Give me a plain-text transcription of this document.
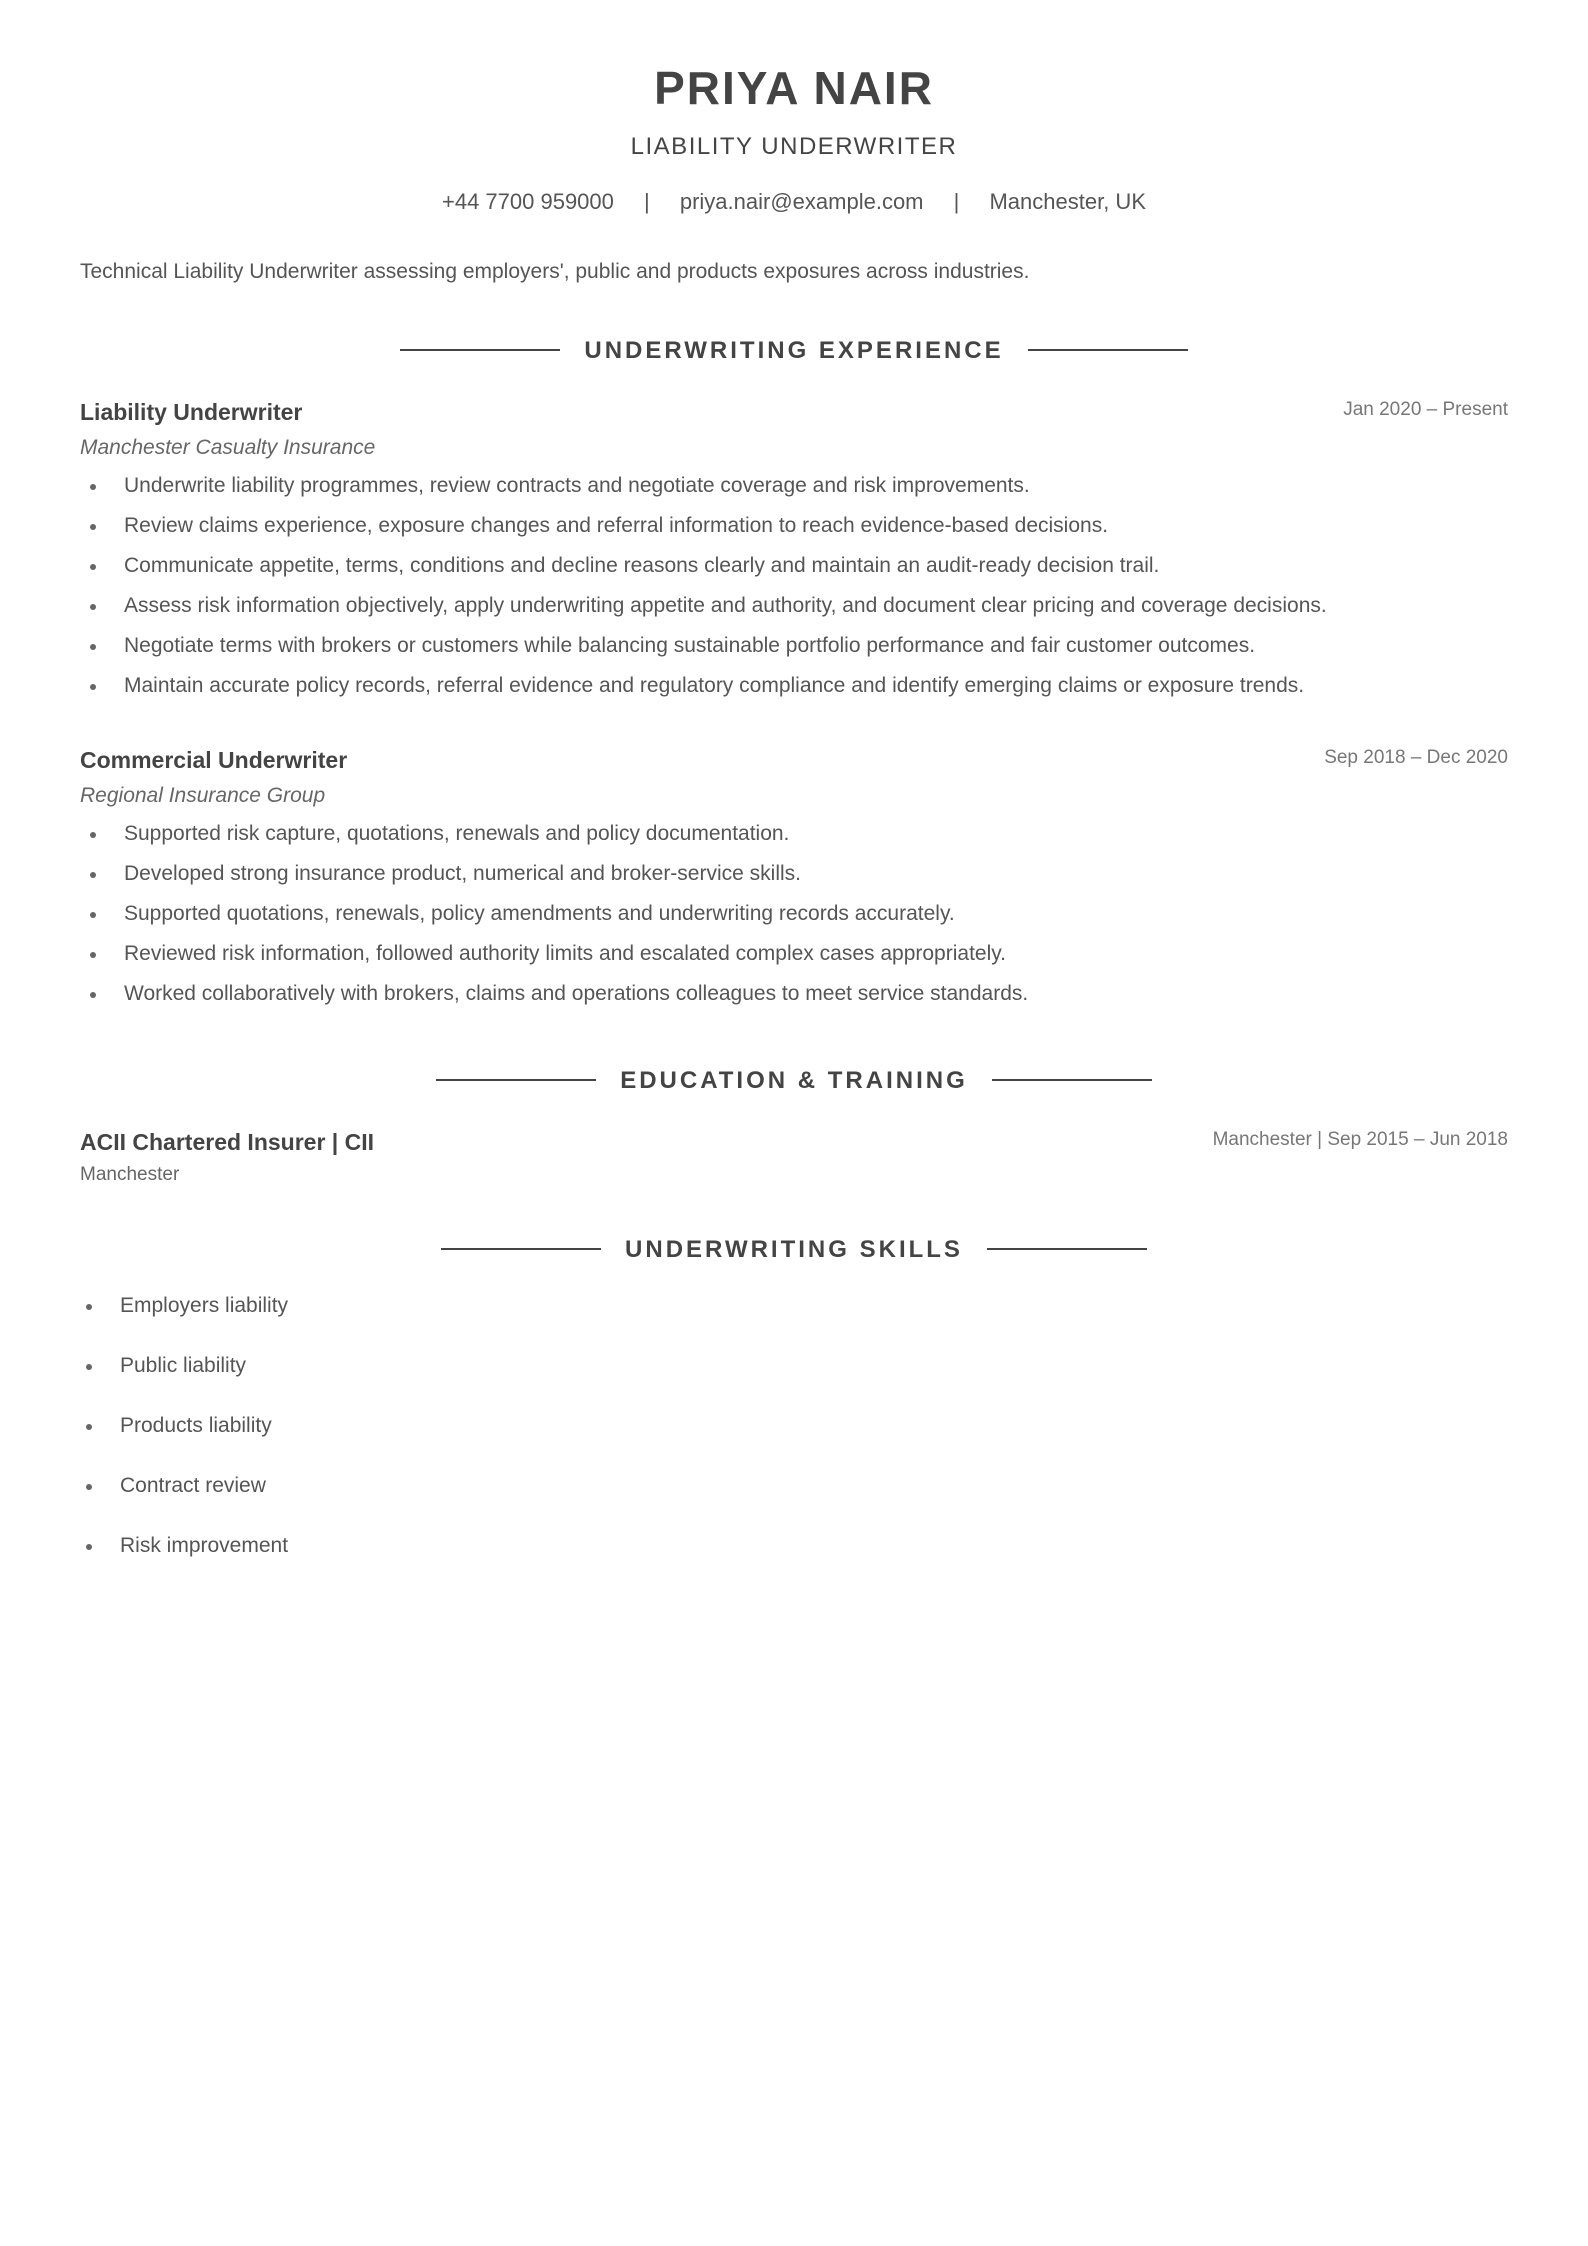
PRIYA NAIR
LIABILITY UNDERWRITER
+44 7700 959000 | priya.nair@example.com | Manchester, UK
Technical Liability Underwriter assessing employers', public and products exposures across industries.
UNDERWRITING EXPERIENCE
Liability Underwriter	Jan 2020 – Present
Manchester Casualty Insurance
Underwrite liability programmes, review contracts and negotiate coverage and risk improvements.
Review claims experience, exposure changes and referral information to reach evidence-based decisions.
Communicate appetite, terms, conditions and decline reasons clearly and maintain an audit-ready decision trail.
Assess risk information objectively, apply underwriting appetite and authority, and document clear pricing and coverage decisions.
Negotiate terms with brokers or customers while balancing sustainable portfolio performance and fair customer outcomes.
Maintain accurate policy records, referral evidence and regulatory compliance and identify emerging claims or exposure trends.
Commercial Underwriter	Sep 2018 – Dec 2020
Regional Insurance Group
Supported risk capture, quotations, renewals and policy documentation.
Developed strong insurance product, numerical and broker-service skills.
Supported quotations, renewals, policy amendments and underwriting records accurately.
Reviewed risk information, followed authority limits and escalated complex cases appropriately.
Worked collaboratively with brokers, claims and operations colleagues to meet service standards.
EDUCATION & TRAINING
ACII Chartered Insurer | CII	Manchester | Sep 2015 – Jun 2018
Manchester
UNDERWRITING SKILLS
Employers liability
Public liability
Products liability
Contract review
Risk improvement
